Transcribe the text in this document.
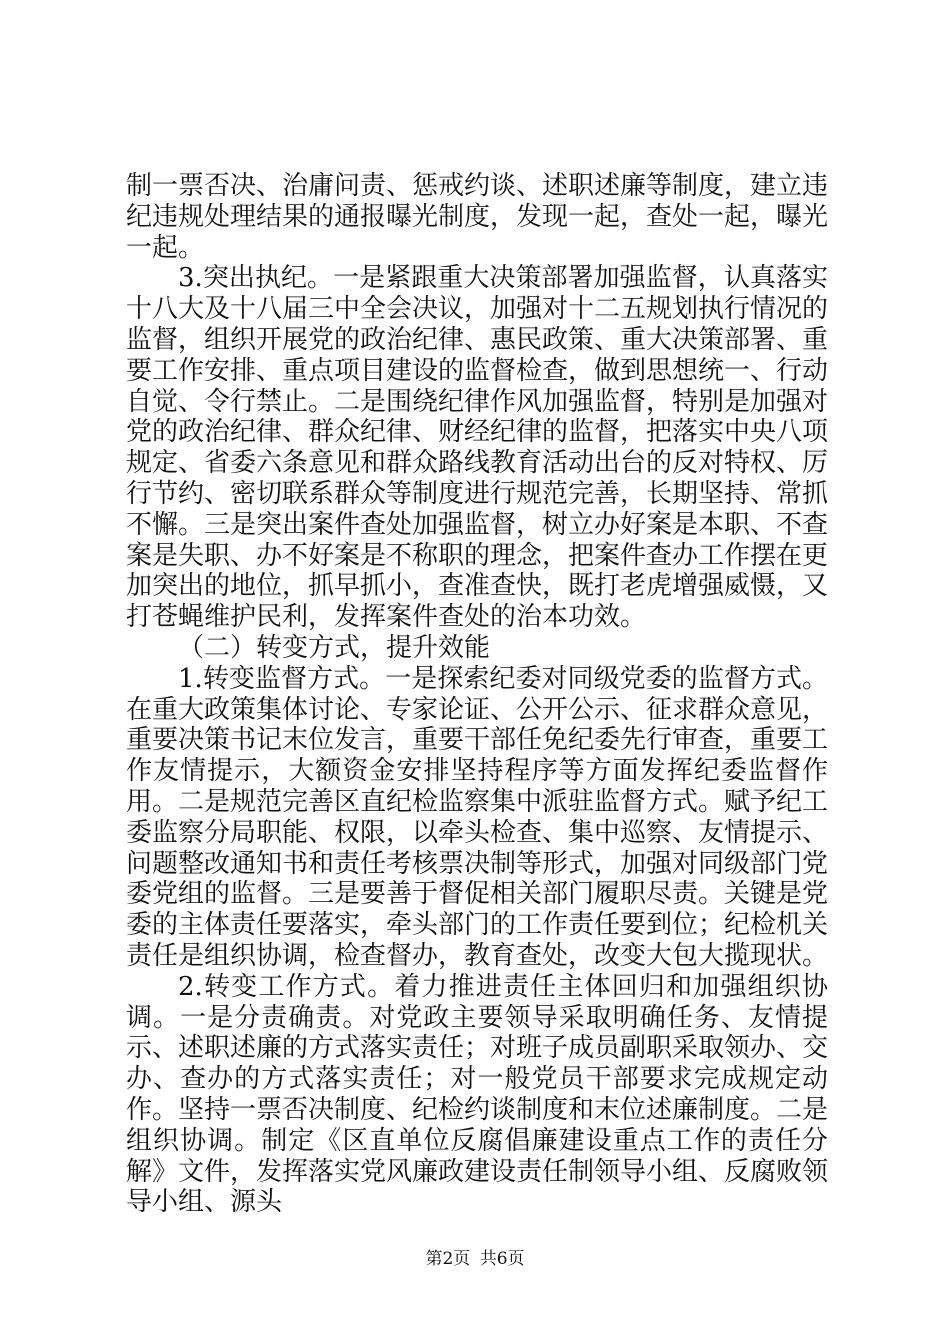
制一票否决、治庸问责、惩戒约谈、述职述廉等制度，建立违纪违规处理结果的通报曝光制度，发现一起，查处一起，曝光一起。

3.突出执纪。一是紧跟重大决策部署加强监督，认真落实十八大及十八届三中全会决议，加强对十二五规划执行情况的监督，组织开展党的政治纪律、惠民政策、重大决策部署、重要工作安排、重点项目建设的监督检查，做到思想统一、行动自觉、令行禁止。二是围绕纪律作风加强监督，特别是加强对党的政治纪律、群众纪律、财经纪律的监督，把落实中央八项规定、省委六条意见和群众路线教育活动出台的反对特权、厉行节约、密切联系群众等制度进行规范完善，长期坚持、常抓不懈。三是突出案件查处加强监督，树立办好案是本职、不查案是失职、办不好案是不称职的理念，把案件查办工作摆在更加突出的地位，抓早抓小，查准查快，既打老虎增强威慑，又打苍蝇维护民利，发挥案件查处的治本功效。

（二）转变方式，提升效能

1.转变监督方式。一是探索纪委对同级党委的监督方式。在重大政策集体讨论、专家论证、公开公示、征求群众意见，重要决策书记末位发言，重要干部任免纪委先行审查，重要工作友情提示，大额资金安排坚持程序等方面发挥纪委监督作用。二是规范完善区直纪检监察集中派驻监督方式。赋予纪工委监察分局职能、权限，以牵头检查、集中巡察、友情提示、问题整改通知书和责任考核票决制等形式，加强对同级部门党委党组的监督。三是要善于督促相关部门履职尽责。关键是党委的主体责任要落实，牵头部门的工作责任要到位；纪检机关责任是组织协调，检查督办，教育查处，改变大包大揽现状。

2.转变工作方式。着力推进责任主体回归和加强组织协调。一是分责确责。对党政主要领导采取明确任务、友情提示、述职述廉的方式落实责任；对班子成员副职采取领办、交办、查办的方式落实责任；对一般党员干部要求完成规定动作。坚持一票否决制度、纪检约谈制度和末位述廉制度。二是组织协调。制定《区直单位反腐倡廉建设重点工作的责任分解》文件，发挥落实党风廉政建设责任制领导小组、反腐败领导小组、源头

第2页 共6页
